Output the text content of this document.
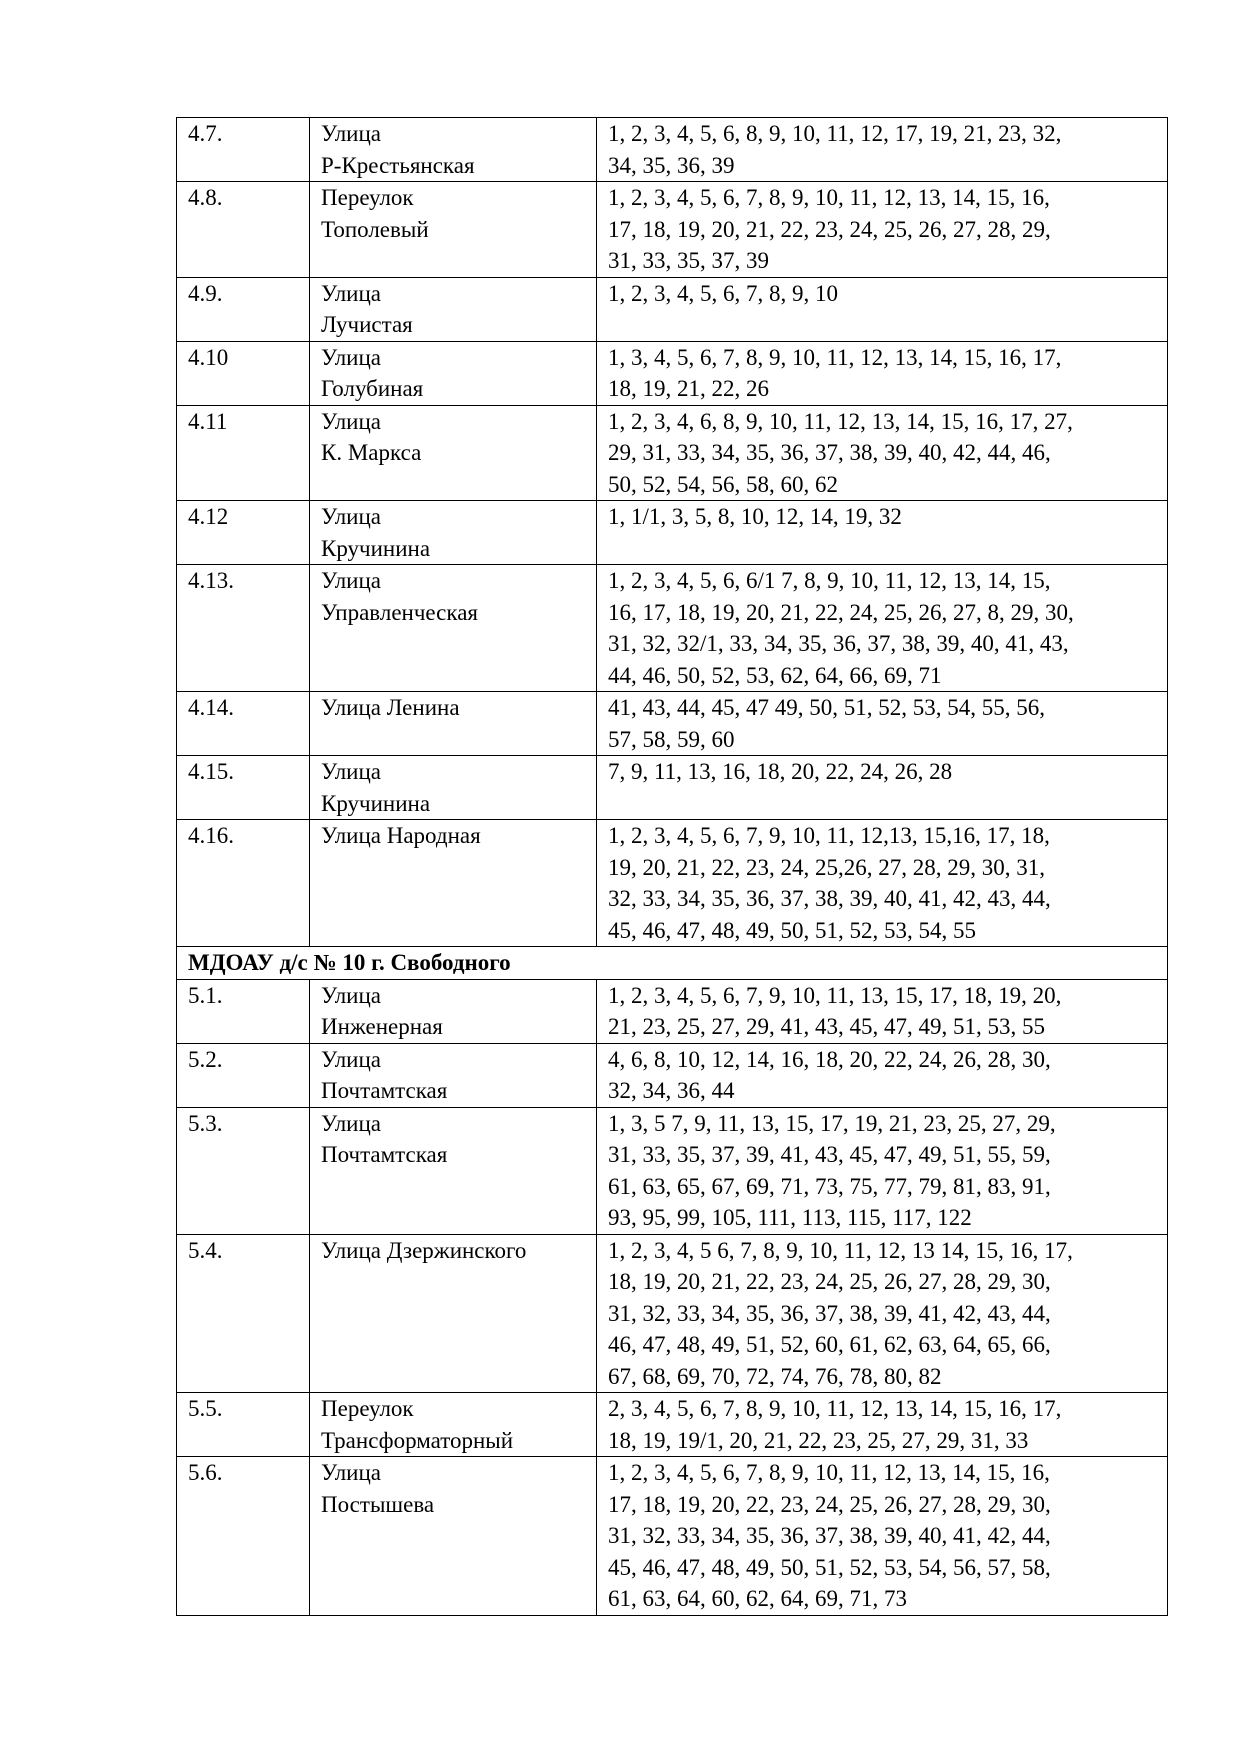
4.7.	Улица
Р-Крестьянская	1, 2, 3, 4, 5, 6, 8, 9, 10, 11, 12, 17, 19, 21, 23, 32,
34, 35, 36, 39
4.8.	Переулок
Тополевый	1, 2, 3, 4, 5, 6, 7, 8, 9, 10, 11, 12, 13, 14, 15, 16,
17, 18, 19, 20, 21, 22, 23, 24, 25, 26, 27, 28, 29,
31, 33, 35, 37, 39
4.9.	Улица
Лучистая	1, 2, 3, 4, 5, 6, 7, 8, 9, 10
4.10	Улица
Голубиная	1, 3, 4, 5, 6, 7, 8, 9, 10, 11, 12, 13, 14, 15, 16, 17,
18, 19, 21, 22, 26
4.11	Улица
К. Маркса	1, 2, 3, 4, 6, 8, 9, 10, 11, 12, 13, 14, 15, 16, 17, 27,
29, 31, 33, 34, 35, 36, 37, 38, 39, 40, 42, 44, 46,
50, 52, 54, 56, 58, 60, 62
4.12	Улица
Кручинина	1, 1/1, 3, 5, 8, 10, 12, 14, 19, 32
4.13.	Улица
Управленческая	1, 2, 3, 4, 5, 6, 6/1 7, 8, 9, 10, 11, 12, 13, 14, 15,
16, 17, 18, 19, 20, 21, 22, 24, 25, 26, 27, 8, 29, 30,
31, 32, 32/1, 33, 34, 35, 36, 37, 38, 39, 40, 41, 43,
44, 46, 50, 52, 53, 62, 64, 66, 69, 71
4.14.	Улица Ленина	41, 43, 44, 45, 47 49, 50, 51, 52, 53, 54, 55, 56,
57, 58, 59, 60
4.15.	Улица
Кручинина	7, 9, 11, 13, 16, 18, 20, 22, 24, 26, 28
4.16.	Улица Народная	1, 2, 3, 4, 5, 6, 7, 9, 10, 11, 12,13, 15,16, 17, 18,
19, 20, 21, 22, 23, 24, 25,26, 27, 28, 29, 30, 31,
32, 33, 34, 35, 36, 37, 38, 39, 40, 41, 42, 43, 44,
45, 46, 47, 48, 49, 50, 51, 52, 53, 54, 55
МДОАУ д/с № 10 г. Свободного		
5.1.	Улица
Инженерная	1, 2, 3, 4, 5, 6, 7, 9, 10, 11, 13, 15, 17, 18, 19, 20,
21, 23, 25, 27, 29, 41, 43, 45, 47, 49, 51, 53, 55
5.2.	Улица
Почтамтская	4, 6, 8, 10, 12, 14, 16, 18, 20, 22, 24, 26, 28, 30,
32, 34, 36, 44
5.3.	Улица
Почтамтская	1, 3, 5 7, 9, 11, 13, 15, 17, 19, 21, 23, 25, 27, 29,
31, 33, 35, 37, 39, 41, 43, 45, 47, 49, 51, 55, 59,
61, 63, 65, 67, 69, 71, 73, 75, 77, 79, 81, 83, 91,
93, 95, 99, 105, 111, 113, 115, 117, 122
5.4.	Улица Дзержинского	1, 2, 3, 4, 5 6, 7, 8, 9, 10, 11, 12, 13 14, 15, 16, 17,
18, 19, 20, 21, 22, 23, 24, 25, 26, 27, 28, 29, 30,
31, 32, 33, 34, 35, 36, 37, 38, 39, 41, 42, 43, 44,
46, 47, 48, 49, 51, 52, 60, 61, 62, 63, 64, 65, 66,
67, 68, 69, 70, 72, 74, 76, 78, 80, 82
5.5.	Переулок
Трансформаторный	2, 3, 4, 5, 6, 7, 8, 9, 10, 11, 12, 13, 14, 15, 16, 17,
18, 19, 19/1, 20, 21, 22, 23, 25, 27, 29, 31, 33
5.6.	Улица
Постышева	1, 2, 3, 4, 5, 6, 7, 8, 9, 10, 11, 12, 13, 14, 15, 16,
17, 18, 19, 20, 22, 23, 24, 25, 26, 27, 28, 29, 30,
31, 32, 33, 34, 35, 36, 37, 38, 39, 40, 41, 42, 44,
45, 46, 47, 48, 49, 50, 51, 52, 53, 54, 56, 57, 58,
61, 63, 64, 60, 62, 64, 69, 71, 73
